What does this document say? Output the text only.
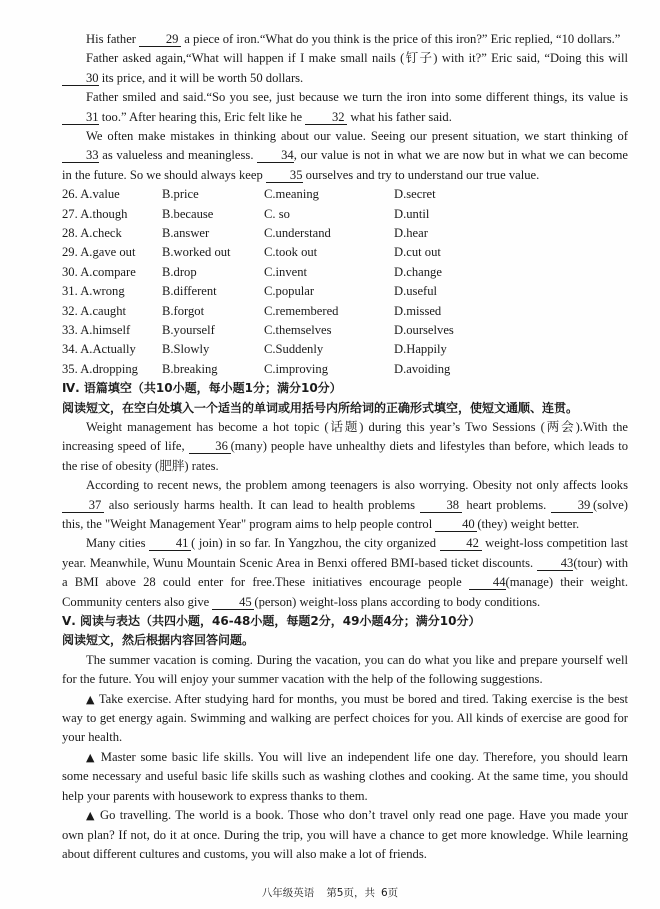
His father 29 a piece of iron.“What do you think is the price of this iron?” Eric replied, “10 dollars.”

Father asked again,“What will happen if I make small nails (钉子) with it?” Eric said, “Doing this will 30 its price, and it will be worth 50 dollars.

Father smiled and said.“So you see, just because we turn the iron into some different things, its value is 31 too.” After hearing this, Eric felt like he 32 what his father said.

We often make mistakes in thinking about our value. Seeing our present situation, we start thinking of 33 as valueless and meaningless. 34, our value is not in what we are now but in what we can become in the future. So we should always keep 35 ourselves and try to understand our true value.

26. A.value	B.price	C.meaning	D.secret
27. A.though	B.because	C. so	D.until
28. A.check	B.answer	C.understand	D.hear
29. A.gave out	B.worked out	C.took out	D.cut out
30. A.compare	B.drop	C.invent	D.change
31. A.wrong	B.different	C.popular	D.useful
32. A.caught	B.forgot	C.remembered	D.missed
33. A.himself	B.yourself	C.themselves	D.ourselves
34. A.Actually	B.Slowly	C.Suddenly	D.Happily
35. A.dropping	B.breaking	C.improving	D.avoiding

Ⅳ. 语篇填空（共10小题，每小题1分；满分10分）

阅读短文，在空白处填入一个适当的单词或用括号内所给词的正确形式填空，使短文通顺、连贯。

Weight management has become a hot topic (话题) during this year’s Two Sessions (两会).With the increasing speed of life, 36 (many) people have unhealthy diets and lifestyles than before, which leads to the rise of obesity (肥胖) rates.

According to recent news, the problem among teenagers is also worrying. Obesity not only affects looks 37 also seriously harms health. It can lead to health problems 38 heart problems. 39 (solve) this, the "Weight Management Year" program aims to help people control 40 (they) weight better.

Many cities 41 ( join) in so far. In Yangzhou, the city organized 42 weight-loss competition last year. Meanwhile, Wunu Mountain Scenic Area in Benxi offered BMI-based ticket discounts. 43(tour) with a BMI above 28 could enter for free.These initiatives encourage people 44(manage) their weight. Community centers also give 45 (person) weight-loss plans according to body conditions.

Ⅴ. 阅读与表达（共四小题，46-48小题，每题2分，49小题4分；满分10分）

阅读短文，然后根据内容回答问题。

The summer vacation is coming. During the vacation, you can do what you like and prepare yourself well for the future. You will enjoy your summer vacation with the help of the following suggestions.

▲ Take exercise. After studying hard for months, you must be bored and tired. Taking exercise is the best way to get energy again. Swimming and walking are perfect choices for you. All kinds of exercise are good for your health.

▲ Master some basic life skills. You will live an independent life one day. Therefore, you should learn some necessary and useful basic life skills such as washing clothes and cooking. At the same time, you should help your parents with housework to express thanks to them.

▲ Go travelling. The world is a book. Those who don’t travel only read one page. Have you made your own plan? If not, do it at once. During the trip, you will have a chance to get more knowledge. While learning about different cultures and customs, you will also make a lot of friends.

八年级英语 第5页，共 6页
